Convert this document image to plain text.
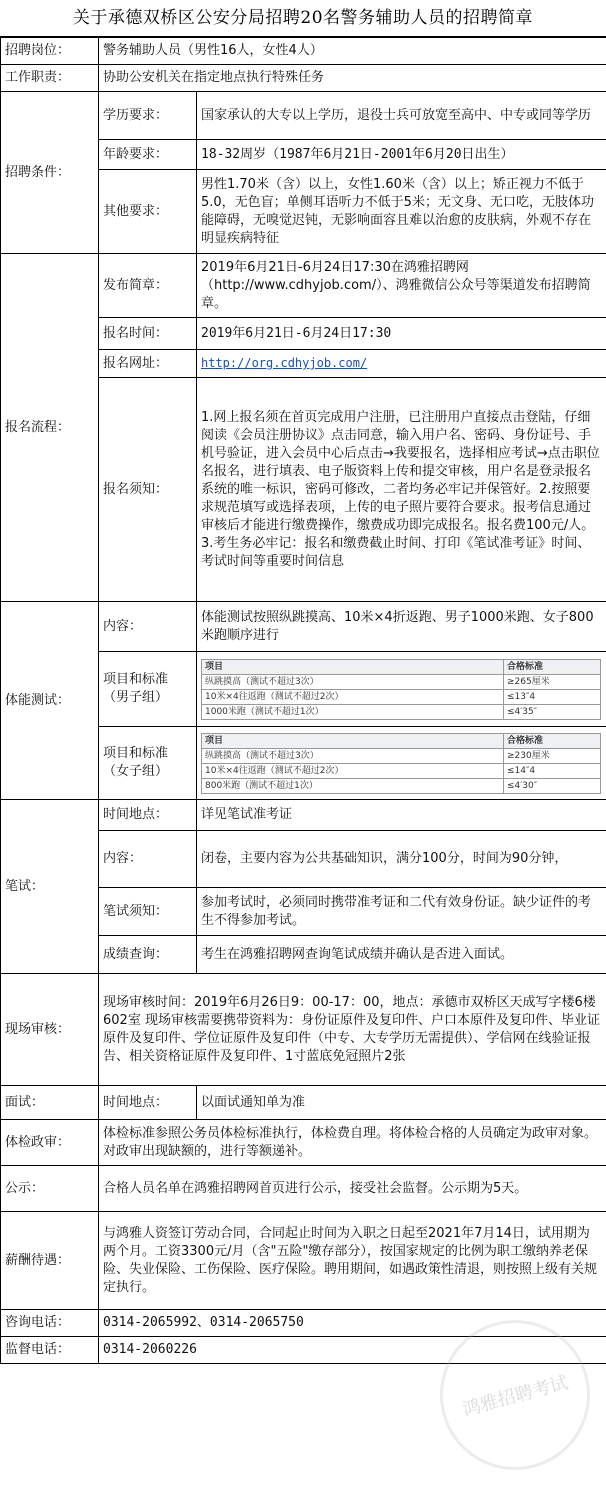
关于承德双桥区公安分局招聘20名警务辅助人员的招聘简章
招聘岗位：	警务辅助人员（男性16人，女性4人）
工作职责：	协助公安机关在指定地点执行特殊任务
招聘条件：	学历要求：	国家承认的大专以上学历，退役士兵可放宽至高中、中专或同等学历
年龄要求：	18-32周岁（1987年6月21日-2001年6月20日出生）
其他要求：	男性1.70米（含）以上，女性1.60米（含）以上；矫正视力不低于5.0，无色盲；单侧耳语听力不低于5米；无文身、无口吃，无肢体功能障碍，无嗅觉迟钝，无影响面容且难以治愈的皮肤病，外观不存在明显疾病特征
报名流程：	发布简章：	2019年6月21日-6月24日17:30在鸿雅招聘网（http://www.cdhyjob.com/）、鸿雅微信公众号等渠道发布招聘简章。
报名时间：	2019年6月21日-6月24日17:30
报名网址：	http://org.cdhyjob.com/
报名须知：	1.网上报名须在首页完成用户注册，已注册用户直接点击登陆，仔细阅读《会员注册协议》点击同意，输入用户名、密码、身份证号、手机号验证，进入会员中心后点击→我要报名，选择相应考试→点击职位名报名，进行填表、电子版资料上传和提交审核，用户名是登录报名系统的唯一标识，密码可修改，二者均务必牢记并保管好。2.按照要求规范填写或选择表项，上传的电子照片要符合要求。报考信息通过审核后才能进行缴费操作，缴费成功即完成报名。报名费100元/人。3.考生务必牢记：报名和缴费截止时间、打印《笔试准考证》时间、考试时间等重要时间信息
体能测试：	内容：	体能测试按照纵跳摸高、10米×4折返跑、男子1000米跑、女子800米跑顺序进行
项目和标准（男子组）	
项目	合格标准
纵跳摸高（测试不超过3次）	≥265厘米
10米×4往返跑（测试不超过2次）	≤13″4
1000米跑（测试不超过1次）	≤4′35″

项目和标准（女子组）	
项目	合格标准
纵跳摸高（测试不超过3次）	≥230厘米
10米×4往返跑（测试不超过2次）	≤14″4
800米跑（测试不超过1次）	≤4′30″

笔试：	时间地点：	详见笔试准考证
内容：	闭卷，主要内容为公共基础知识，满分100分，时间为90分钟，
笔试须知：	参加考试时，必须同时携带准考证和二代有效身份证。缺少证件的考生不得参加考试。
成绩查询：	考生在鸿雅招聘网查询笔试成绩并确认是否进入面试。
现场审核：	现场审核时间：2019年6月26日9：00-17：00，地点：承德市双桥区天成写字楼6楼602室 现场审核需要携带资料为：身份证原件及复印件、户口本原件及复印件、毕业证原件及复印件、学位证原件及复印件（中专、大专学历无需提供）、学信网在线验证报告、相关资格证原件及复印件、1寸蓝底免冠照片2张
面试：	时间地点：	以面试通知单为准
体检政审：	体检标准参照公务员体检标准执行，体检费自理。将体检合格的人员确定为政审对象。对政审出现缺额的，进行等额递补。
公示：	合格人员名单在鸿雅招聘网首页进行公示，接受社会监督。公示期为5天。
薪酬待遇：	与鸿雅人资签订劳动合同，合同起止时间为入职之日起至2021年7月14日，试用期为两个月。工资3300元/月（含"五险"缴存部分），按国家规定的比例为职工缴纳养老保险、失业保险、工伤保险、医疗保险。聘用期间，如遇政策性清退，则按照上级有关规定执行。
咨询电话：	0314-2065992、0314-2065750
监督电话：	0314-2060226
鸿雅招聘考试
